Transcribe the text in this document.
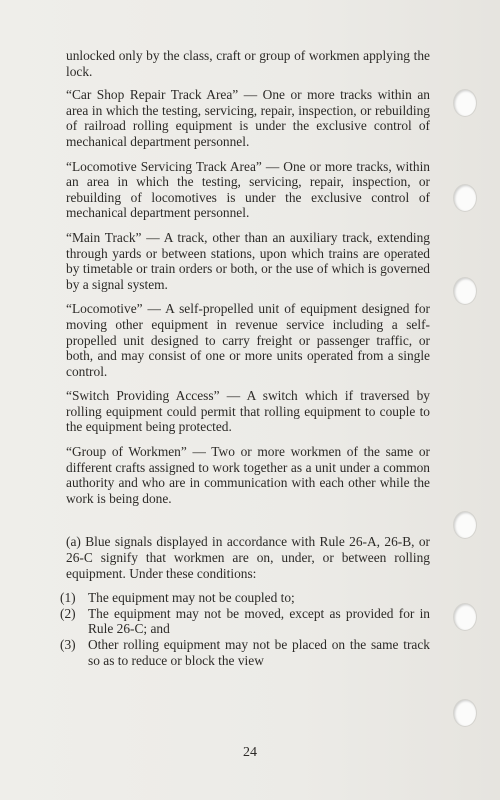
unlocked only by the class, craft or group of workmen applying the lock.

“Car Shop Repair Track Area” — One or more tracks within an area in which the testing, servicing, repair, inspection, or rebuilding of railroad rolling equipment is under the exclusive control of mechanical department personnel.

“Locomotive Servicing Track Area” — One or more tracks, within an area in which the testing, servicing, repair, inspection, or rebuilding of locomotives is under the exclusive control of mechanical department personnel.

“Main Track” — A track, other than an auxiliary track, extending through yards or between stations, upon which trains are operated by timetable or train orders or both, or the use of which is governed by a signal system.

“Locomotive” — A self-propelled unit of equipment designed for moving other equipment in revenue service including a self-propelled unit designed to carry freight or passenger traffic, or both, and may consist of one or more units operated from a single control.

“Switch Providing Access” — A switch which if traversed by rolling equipment could permit that rolling equipment to couple to the equipment being protected.

“Group of Workmen” — Two or more workmen of the same or different crafts assigned to work together as a unit under a common authority and who are in communication with each other while the work is being done.

(a) Blue signals displayed in accordance with Rule 26-A, 26-B, or 26-C signify that workmen are on, under, or between rolling equipment. Under these conditions:

(1) The equipment may not be coupled to;
(2) The equipment may not be moved, except as provided for in Rule 26-C; and
(3) Other rolling equipment may not be placed on the same track so as to reduce or block the view
24
